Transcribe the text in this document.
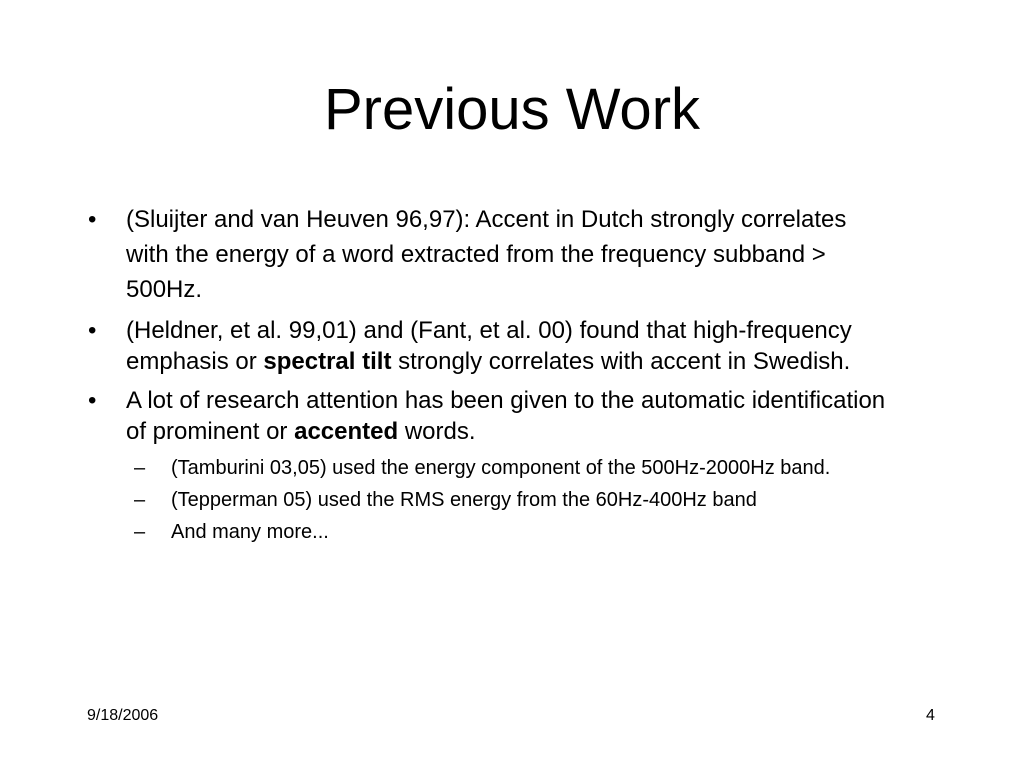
Previous Work
•	(Sluijter and van Heuven 96,97): Accent in Dutch strongly correlates with the energy of a word extracted from the frequency subband > 500Hz.
•	(Heldner, et al. 99,01) and (Fant, et al. 00) found that high-frequency emphasis or spectral tilt strongly correlates with accent in Swedish.
•	A lot of research attention has been given to the automatic identification of prominent or accented words.
– (Tamburini 03,05) used the energy component of the 500Hz-2000Hz band.
– (Tepperman 05) used the RMS energy from the 60Hz-400Hz band
– And many more...
9/18/2006	4
